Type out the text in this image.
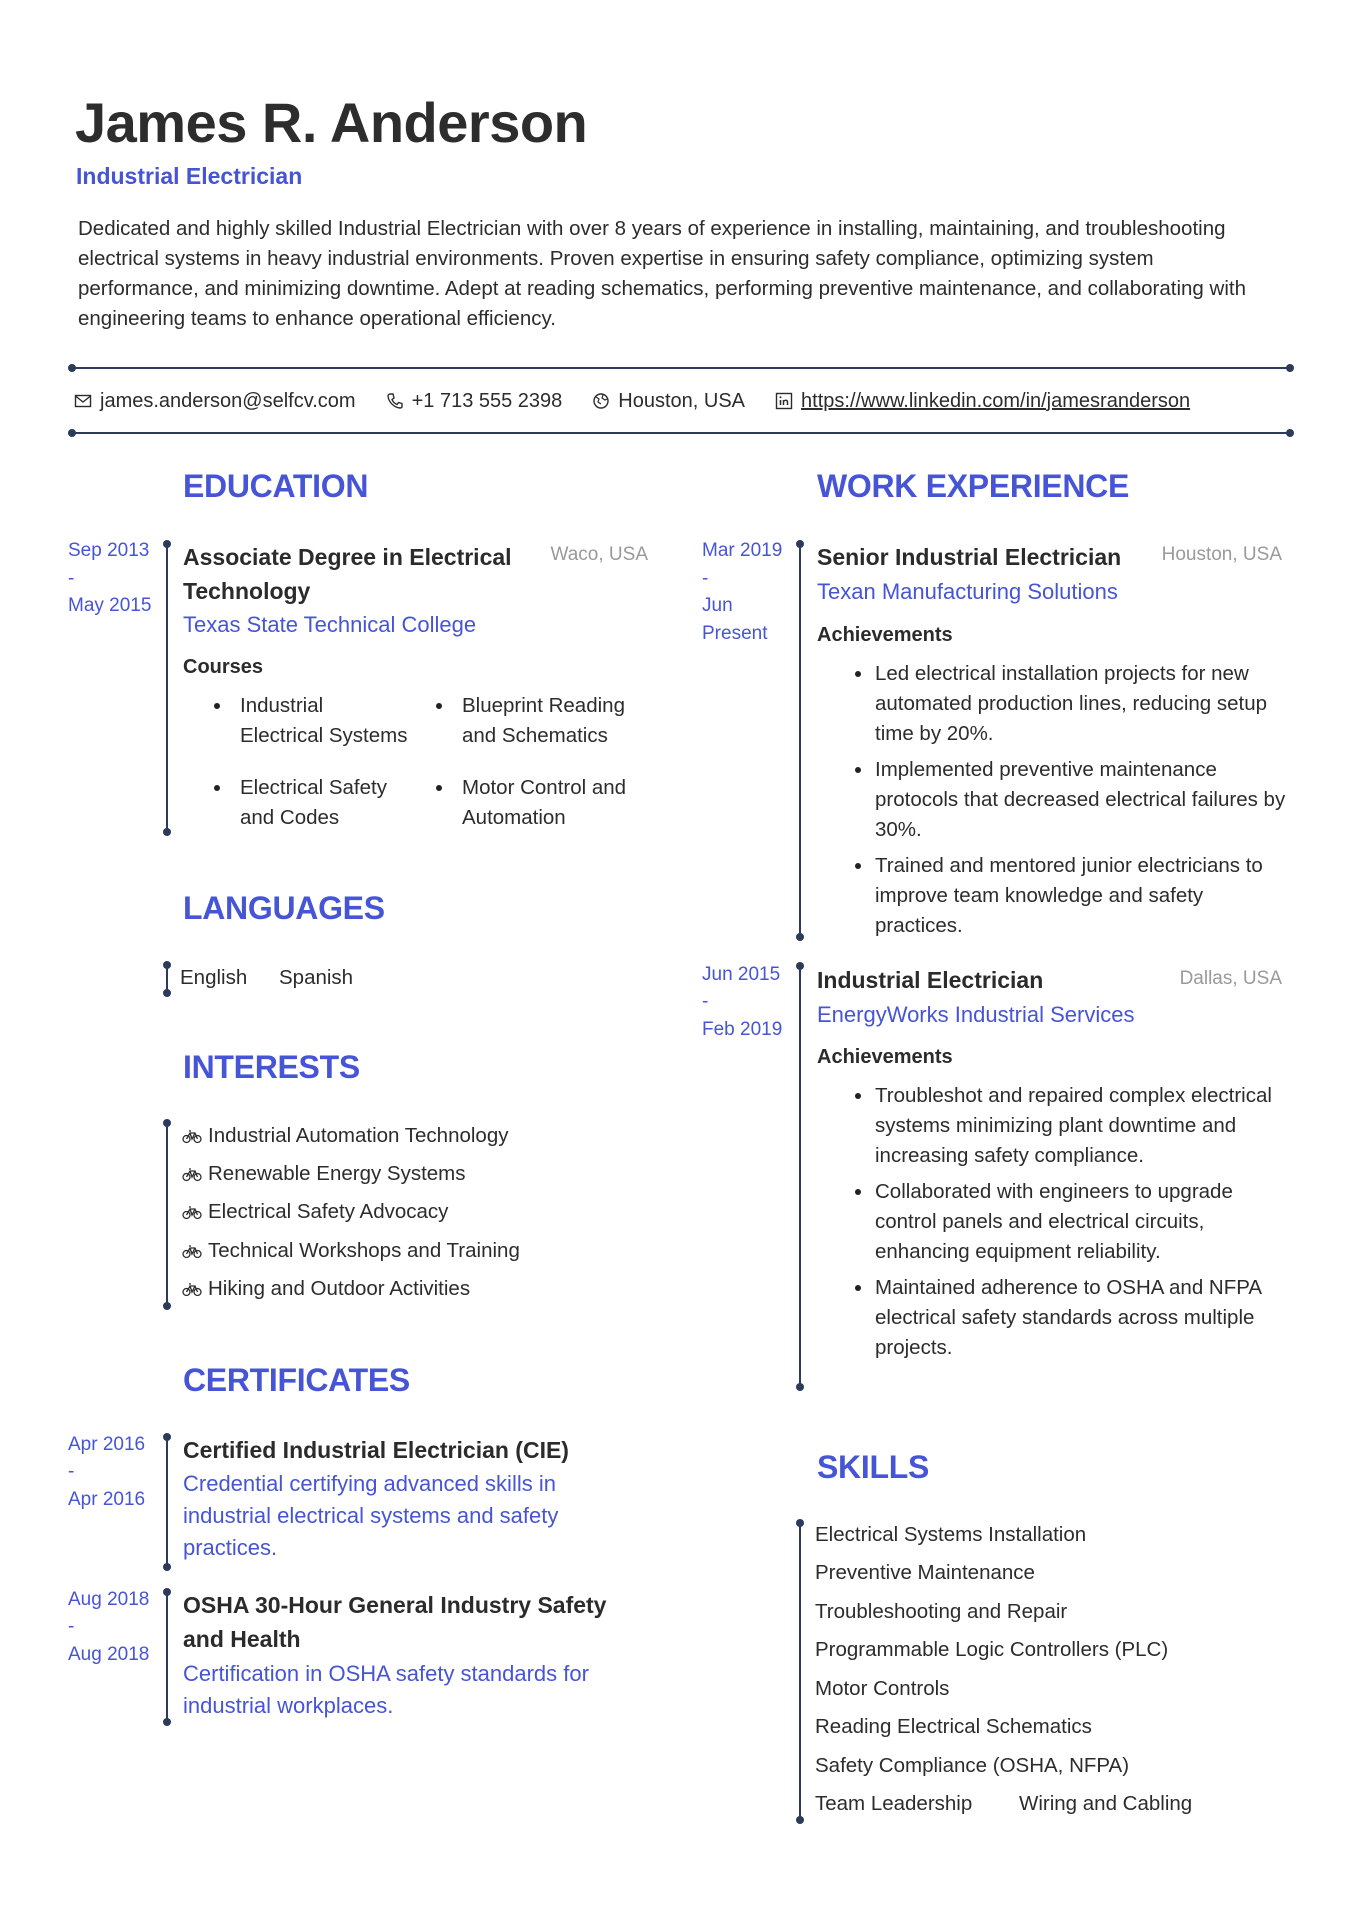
James R. Anderson
Industrial Electrician
Dedicated and highly skilled Industrial Electrician with over 8 years of experience in installing, maintaining, and troubleshooting electrical systems in heavy industrial environments. Proven expertise in ensuring safety compliance, optimizing system performance, and minimizing downtime. Adept at reading schematics, performing preventive maintenance, and collaborating with engineering teams to enhance operational efficiency.
james.anderson@selfcv.com	+1 713 555 2398	Houston, USA	https://www.linkedin.com/in/jamesranderson
EDUCATION
Sep 2013
-
May 2015
Associate Degree in Electrical
Technology
Waco, USA
Texas State Technical College
Courses
Industrial
Electrical Systems
Blueprint Reading
and Schematics
Electrical Safety
and Codes
Motor Control and
Automation
LANGUAGES
English Spanish
INTERESTS
Industrial Automation Technology
Renewable Energy Systems
Electrical Safety Advocacy
Technical Workshops and Training
Hiking and Outdoor Activities
CERTIFICATES
Apr 2016
-
Apr 2016
Certified Industrial Electrician (CIE)
Credential certifying advanced skills in
industrial electrical systems and safety
practices.
Aug 2018
-
Aug 2018
OSHA 30-Hour General Industry Safety
and Health
Certification in OSHA safety standards for
industrial workplaces.
WORK EXPERIENCE
Mar 2019
-
Jun
Present
Senior Industrial Electrician	Houston, USA
Texan Manufacturing Solutions
Achievements
Led electrical installation projects for new automated production lines, reducing setup time by 20%.
Implemented preventive maintenance protocols that decreased electrical failures by 30%.
Trained and mentored junior electricians to improve team knowledge and safety practices.
Jun 2015
-
Feb 2019
Industrial Electrician	Dallas, USA
EnergyWorks Industrial Services
Achievements
Troubleshot and repaired complex electrical systems minimizing plant downtime and increasing safety compliance.
Collaborated with engineers to upgrade control panels and electrical circuits, enhancing equipment reliability.
Maintained adherence to OSHA and NFPA electrical safety standards across multiple projects.
SKILLS
Electrical Systems Installation
Preventive Maintenance
Troubleshooting and Repair
Programmable Logic Controllers (PLC)
Motor Controls
Reading Electrical Schematics
Safety Compliance (OSHA, NFPA)
Team Leadership Wiring and Cabling
